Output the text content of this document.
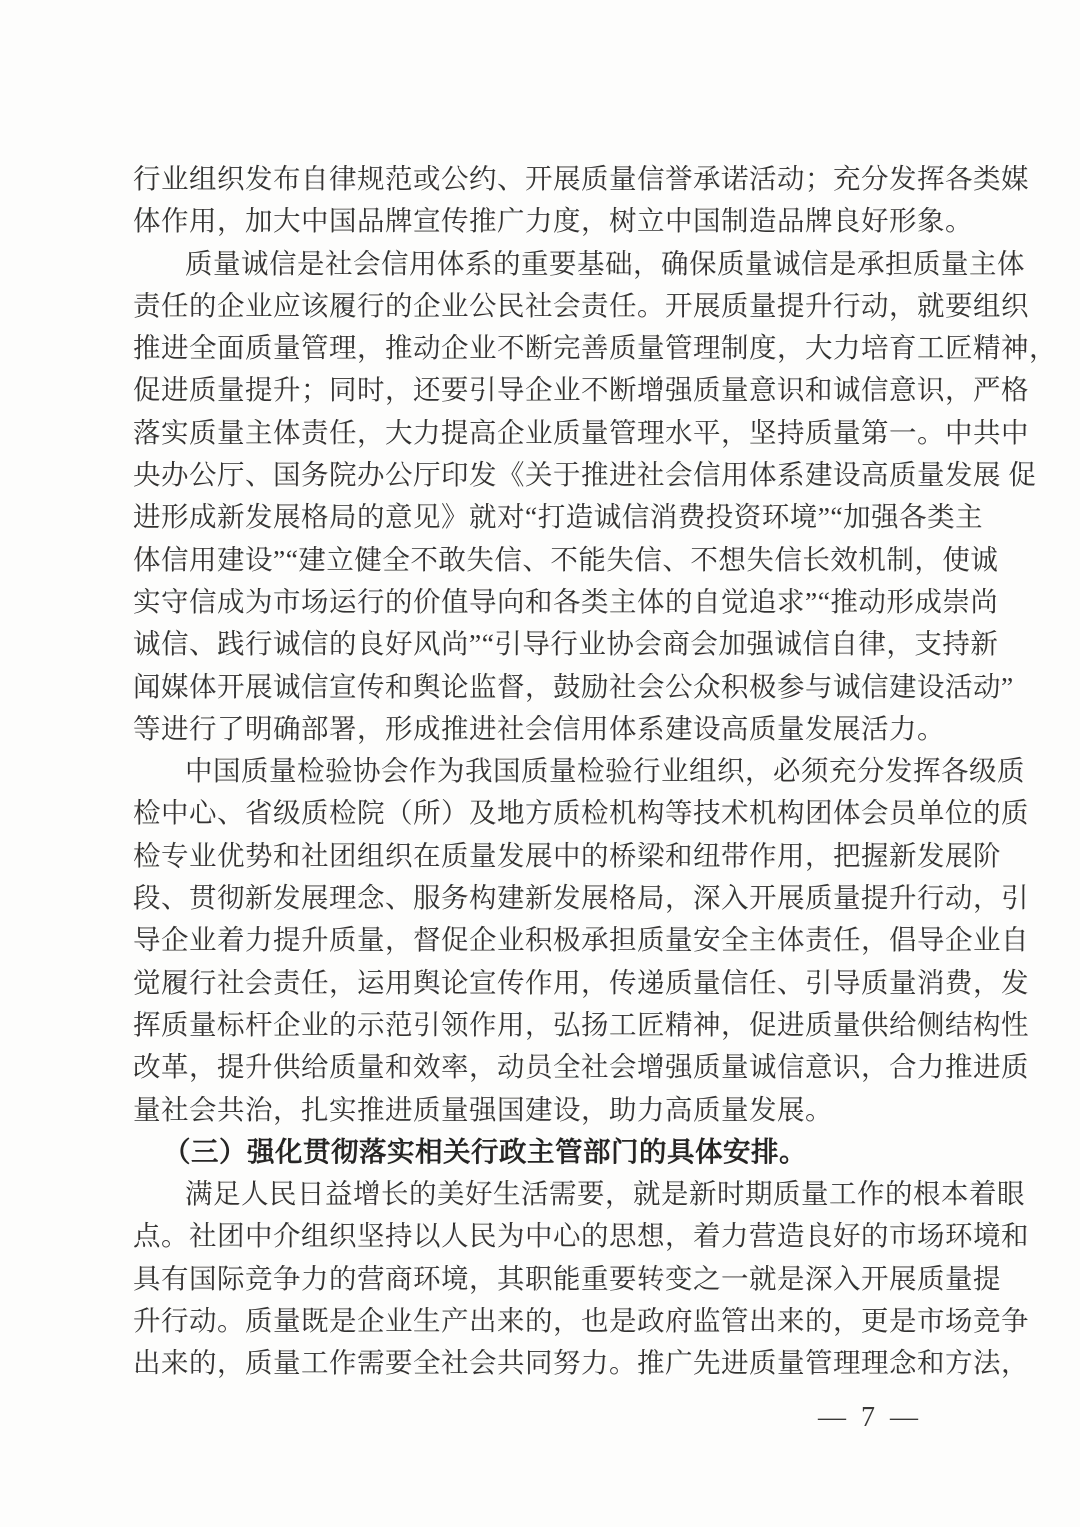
行业组织发布自律规范或公约、开展质量信誉承诺活动；充分发挥各类媒
体作用，加大中国品牌宣传推广力度，树立中国制造品牌良好形象。
质量诚信是社会信用体系的重要基础，确保质量诚信是承担质量主体
责任的企业应该履行的企业公民社会责任。开展质量提升行动，就要组织
推进全面质量管理，推动企业不断完善质量管理制度，大力培育工匠精神，
促进质量提升；同时，还要引导企业不断增强质量意识和诚信意识，严格
落实质量主体责任，大力提高企业质量管理水平，坚持质量第一。中共中
央办公厅、国务院办公厅印发《关于推进社会信用体系建设高质量发展 促
进形成新发展格局的意见》就对“打造诚信消费投资环境”“加强各类主
体信用建设”“建立健全不敢失信、不能失信、不想失信长效机制，使诚
实守信成为市场运行的价值导向和各类主体的自觉追求”“推动形成崇尚
诚信、践行诚信的良好风尚”“引导行业协会商会加强诚信自律，支持新
闻媒体开展诚信宣传和舆论监督，鼓励社会公众积极参与诚信建设活动”
等进行了明确部署，形成推进社会信用体系建设高质量发展活力。
中国质量检验协会作为我国质量检验行业组织，必须充分发挥各级质
检中心、省级质检院（所）及地方质检机构等技术机构团体会员单位的质
检专业优势和社团组织在质量发展中的桥梁和纽带作用，把握新发展阶
段、贯彻新发展理念、服务构建新发展格局，深入开展质量提升行动，引
导企业着力提升质量，督促企业积极承担质量安全主体责任，倡导企业自
觉履行社会责任，运用舆论宣传作用，传递质量信任、引导质量消费，发
挥质量标杆企业的示范引领作用，弘扬工匠精神，促进质量供给侧结构性
改革，提升供给质量和效率，动员全社会增强质量诚信意识，合力推进质
量社会共治，扎实推进质量强国建设，助力高质量发展。
（三）强化贯彻落实相关行政主管部门的具体安排。
满足人民日益增长的美好生活需要，就是新时期质量工作的根本着眼
点。社团中介组织坚持以人民为中心的思想，着力营造良好的市场环境和
具有国际竞争力的营商环境，其职能重要转变之一就是深入开展质量提
升行动。质量既是企业生产出来的，也是政府监管出来的，更是市场竞争
出来的，质量工作需要全社会共同努力。推广先进质量管理理念和方法，
— 7 —
